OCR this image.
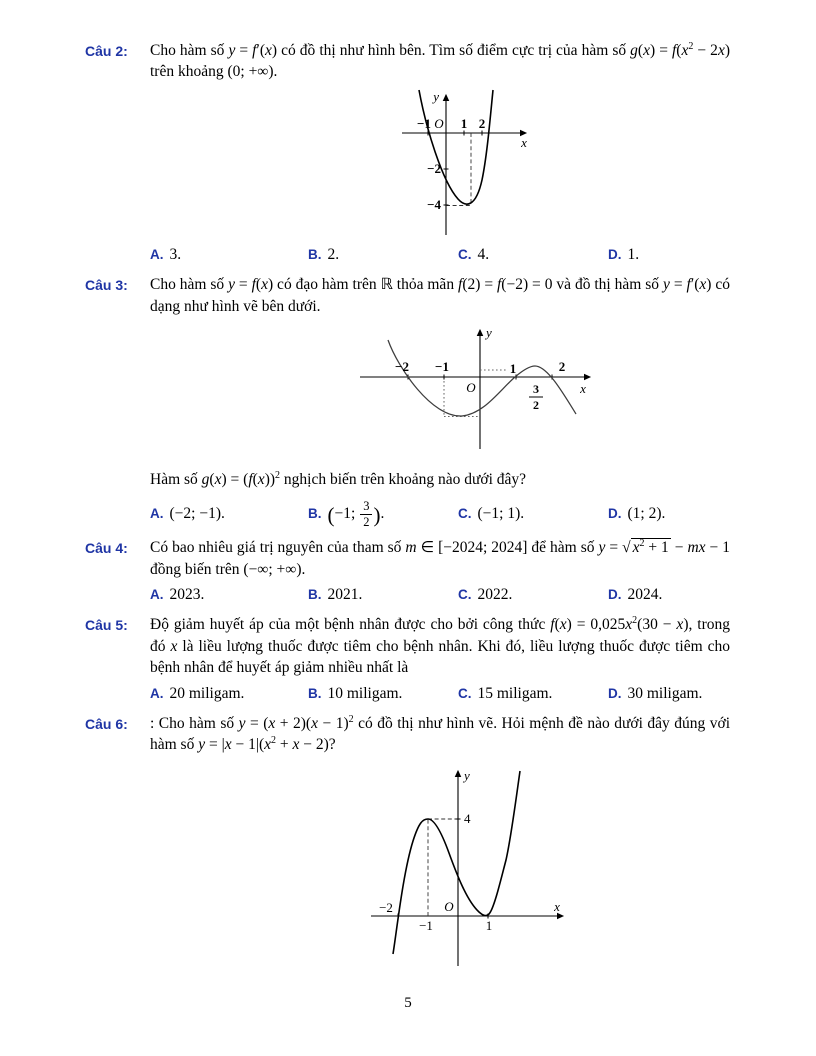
Câu 2:	Cho hàm số y = f′(x) có đồ thị như hình bên. Tìm số điểm cực trị của hàm số $g(x) = f(x^2 - 2x)$ trên khoảng (0; +∞).

y
x
O
−1 1 2
−2
−4
A. 3.	B. 2.	C. 4.	D. 1.
Câu 3:	Cho hàm số y = f(x) có đạo hàm trên ℝ thỏa mãn f(2) = f(−2) = 0 và đồ thị hàm số y = f′(x) có dạng như hình vẽ bên dưới.

−2 −1
O
1	2
3
2
y
x

Hàm số $g(x) = (f(x))^2$ nghịch biến trên khoảng nào dưới đây?

A. (−2; −1).	B. (−1; $\frac{3}{2}$ ).	C. (−1; 1).	D. (1; 2).
Câu 4:	Có bao nhiêu giá trị nguyên của tham số m ∈ [−2024; 2024] để hàm số y = √ $x^2 + 1$ − mx − 1 đồng biến trên (−∞; +∞).

A. 2023.	B. 2021.	C. 2022.	D. 2024.
Câu 5:	Độ giảm huyết áp của một bệnh nhân được cho bởi công thức $f(x) = 0,025x^2(30 - x)$, trong đó x là liều lượng thuốc được tiêm cho bệnh nhân. Khi đó, liều lượng thuốc được tiêm cho bệnh nhân để huyết áp giảm nhiều nhất là

A. 20 miligam.	B. 10 miligam.	C. 15 miligam.	D. 30 miligam.
Câu 6:	: Cho hàm số $y = (x + 2)(x - 1)^2$ có đồ thị như hình vẽ. Hỏi mệnh đề nào dưới đây đúng với hàm số $y = |x - 1|(x^2 + x - 2)$?

−2
−1
O
1
4
y
x
5
